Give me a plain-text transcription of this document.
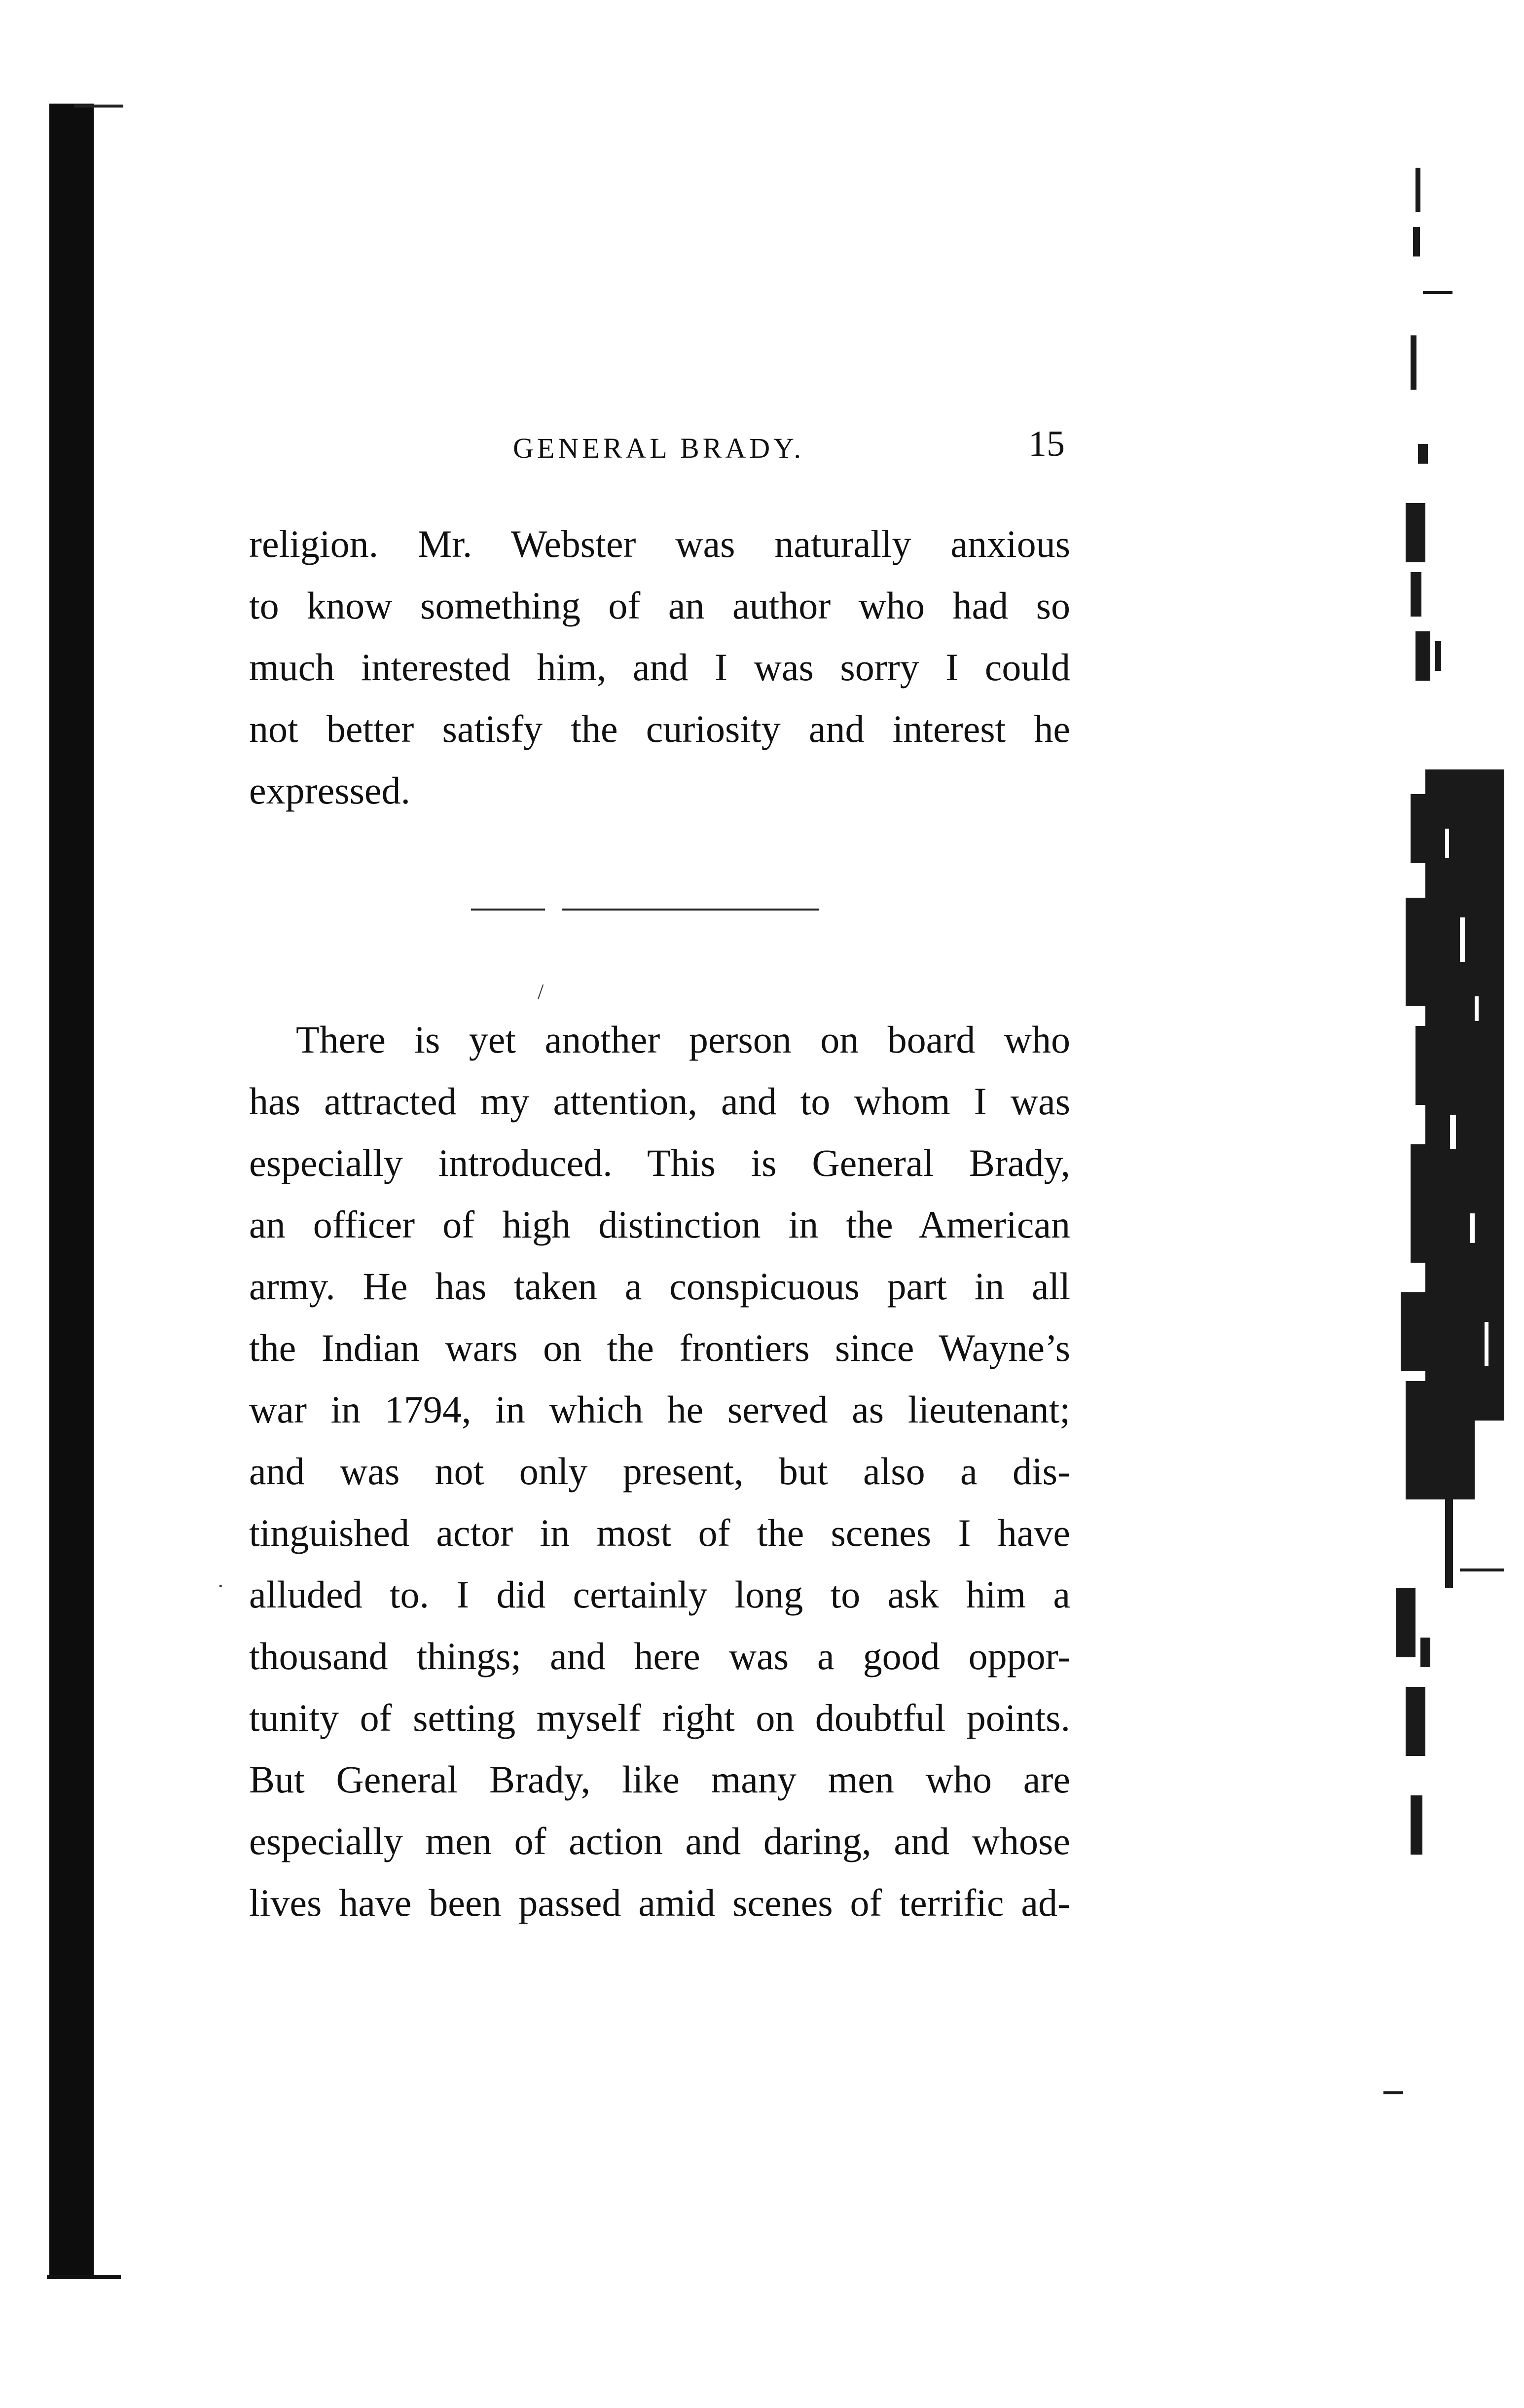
GENERAL BRADY.	15
religion. Mr. Webster was naturally anxious
to know something of an author who had so
much interested him, and I was sorry I could
not better satisfy the curiosity and interest he
expressed.
There is yet another person on board who
has attracted my attention, and to whom I was
especially introduced. This is General Brady,
an officer of high distinction in the American
army. He has taken a conspicuous part in all
the Indian wars on the frontiers since Wayne’s
war in 1794, in which he served as lieutenant;
and was not only present, but also a dis-
tinguished actor in most of the scenes I have
alluded to. I did certainly long to ask him a
thousand things; and here was a good oppor-
tunity of setting myself right on doubtful points.
But General Brady, like many men who are
especially men of action and daring, and whose
lives have been passed amid scenes of terrific ad-
/
·
